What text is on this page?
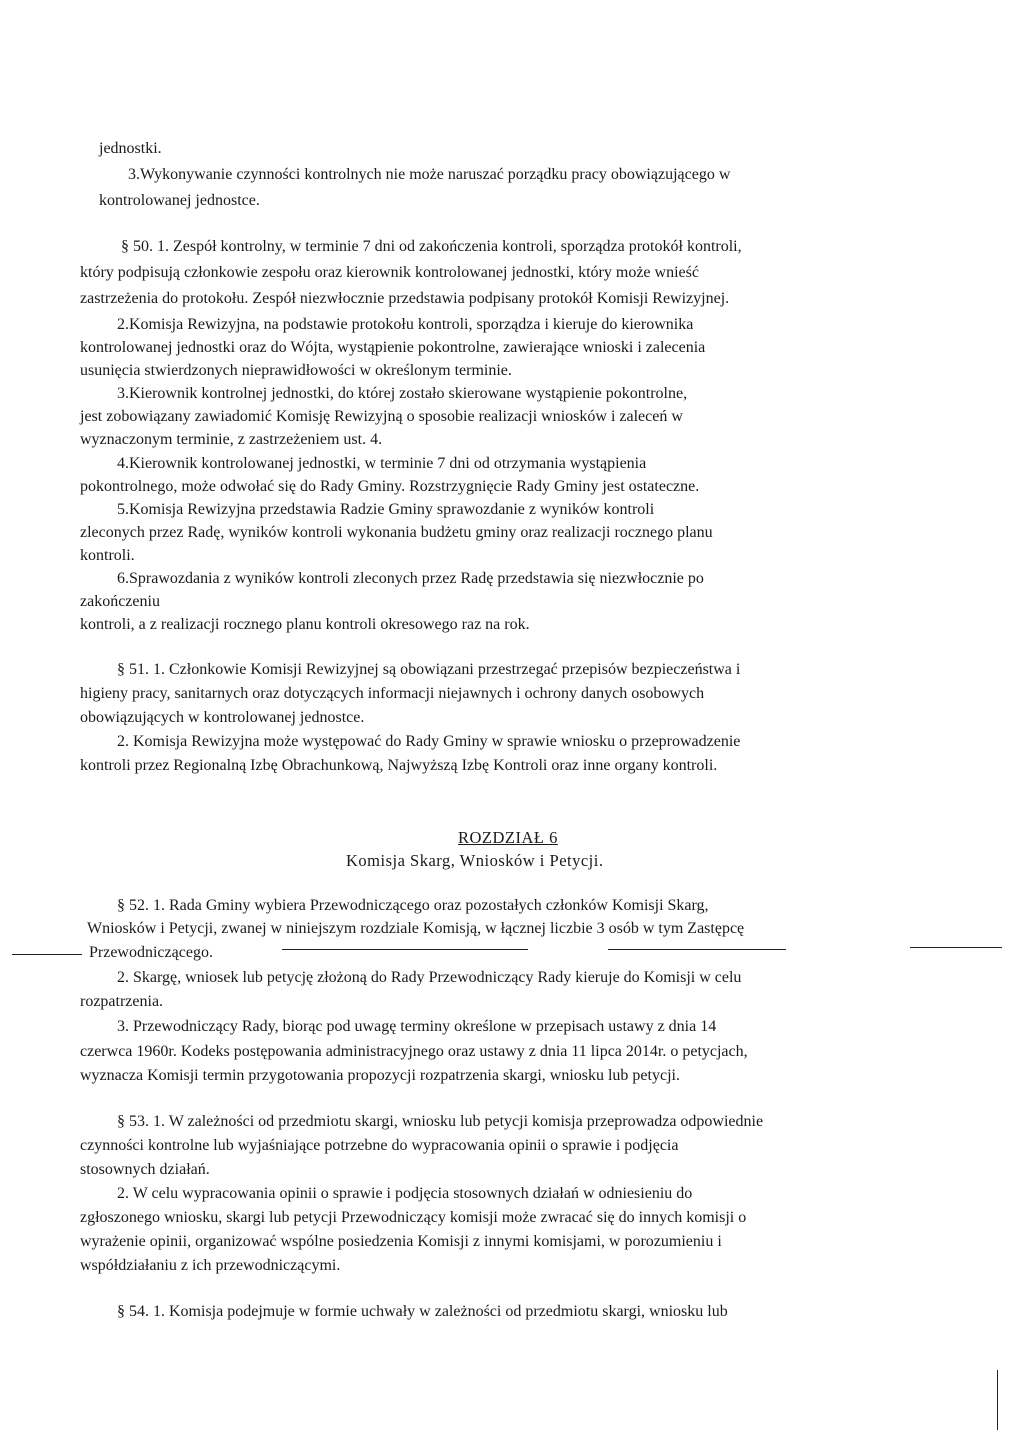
jednostki.

3.Wykonywanie czynności kontrolnych nie może naruszać porządku pracy obowiązującego w

kontrolowanej jednostce.

§ 50. 1. Zespół kontrolny, w terminie 7 dni od zakończenia kontroli, sporządza protokół kontroli,

który podpisują członkowie zespołu oraz kierownik kontrolowanej jednostki, który może wnieść

zastrzeżenia do protokołu. Zespół niezwłocznie przedstawia podpisany protokół Komisji Rewizyjnej.

2.Komisja Rewizyjna, na podstawie protokołu kontroli, sporządza i kieruje do kierownika

kontrolowanej jednostki oraz do Wójta, wystąpienie pokontrolne, zawierające wnioski i zalecenia

usunięcia stwierdzonych nieprawidłowości w określonym terminie.

3.Kierownik kontrolnej jednostki, do której zostało skierowane wystąpienie pokontrolne,

jest zobowiązany zawiadomić Komisję Rewizyjną o sposobie realizacji wniosków i zaleceń w

wyznaczonym terminie, z zastrzeżeniem ust. 4.

4.Kierownik kontrolowanej jednostki, w terminie 7 dni od otrzymania wystąpienia

pokontrolnego, może odwołać się do Rady Gminy. Rozstrzygnięcie Rady Gminy jest ostateczne.

5.Komisja Rewizyjna przedstawia Radzie Gminy sprawozdanie z wyników kontroli

zleconych przez Radę, wyników kontroli wykonania budżetu gminy oraz realizacji rocznego planu

kontroli.

6.Sprawozdania z wyników kontroli zleconych przez Radę przedstawia się niezwłocznie po

zakończeniu

kontroli, a z realizacji rocznego planu kontroli okresowego raz na rok.

§ 51. 1. Członkowie Komisji Rewizyjnej są obowiązani przestrzegać przepisów bezpieczeństwa i

higieny pracy, sanitarnych oraz dotyczących informacji niejawnych i ochrony danych osobowych

obowiązujących w kontrolowanej jednostce.

2. Komisja Rewizyjna może występować do Rady Gminy w sprawie wniosku o przeprowadzenie

kontroli przez Regionalną Izbę Obrachunkową, Najwyższą Izbę Kontroli oraz inne organy kontroli.

ROZDZIAŁ 6

Komisja Skarg, Wniosków i Petycji.

§ 52. 1. Rada Gminy wybiera Przewodniczącego oraz pozostałych członków Komisji Skarg,

Wniosków i Petycji, zwanej w niniejszym rozdziale Komisją, w łącznej liczbie 3 osób w tym Zastępcę

Przewodniczącego.

2. Skargę, wniosek lub petycję złożoną do Rady Przewodniczący Rady kieruje do Komisji w celu

rozpatrzenia.

3. Przewodniczący Rady, biorąc pod uwagę terminy określone w przepisach ustawy z dnia 14

czerwca 1960r. Kodeks postępowania administracyjnego oraz ustawy z dnia 11 lipca 2014r. o petycjach,

wyznacza Komisji termin przygotowania propozycji rozpatrzenia skargi, wniosku lub petycji.

§ 53. 1. W zależności od przedmiotu skargi, wniosku lub petycji komisja przeprowadza odpowiednie

czynności kontrolne lub wyjaśniające potrzebne do wypracowania opinii o sprawie i podjęcia

stosownych działań.

2. W celu wypracowania opinii o sprawie i podjęcia stosownych działań w odniesieniu do

zgłoszonego wniosku, skargi lub petycji Przewodniczący komisji może zwracać się do innych komisji o

wyrażenie opinii, organizować wspólne posiedzenia Komisji z innymi komisjami, w porozumieniu i

współdziałaniu z ich przewodniczącymi.

§ 54. 1. Komisja podejmuje w formie uchwały w zależności od przedmiotu skargi, wniosku lub
